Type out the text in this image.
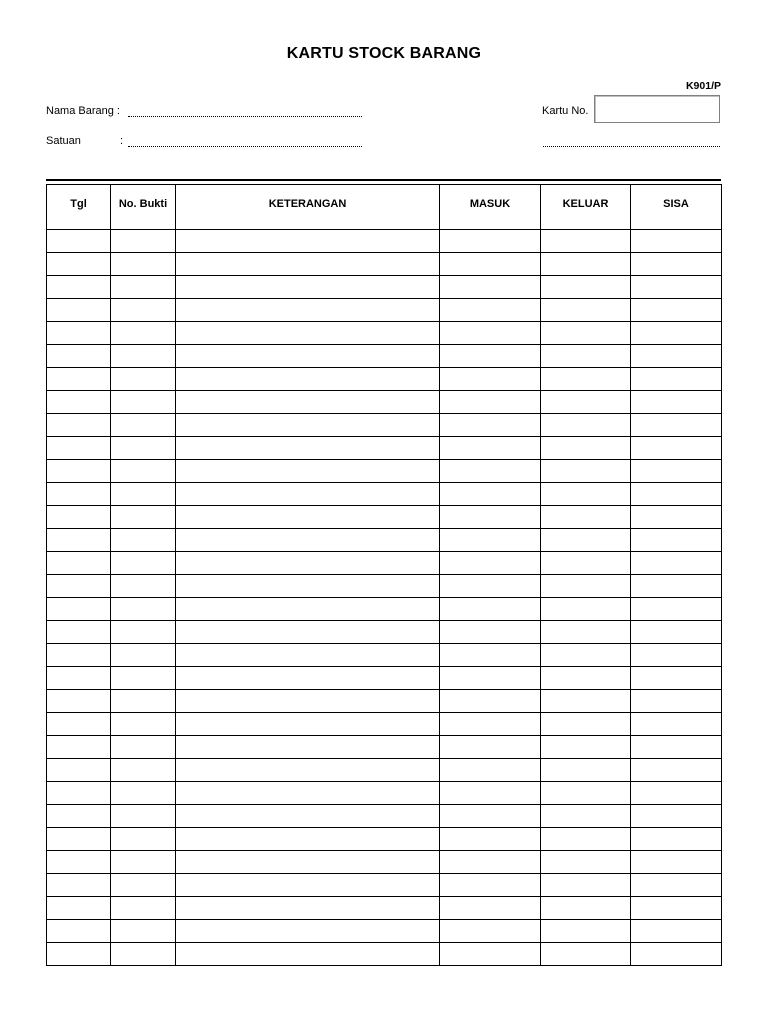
KARTU STOCK BARANG
K901/P
Nama Barang :
Satuan	:
Kartu No.
Tgl	No. Bukti	KETERANGAN	MASUK	KELUAR	SISA
